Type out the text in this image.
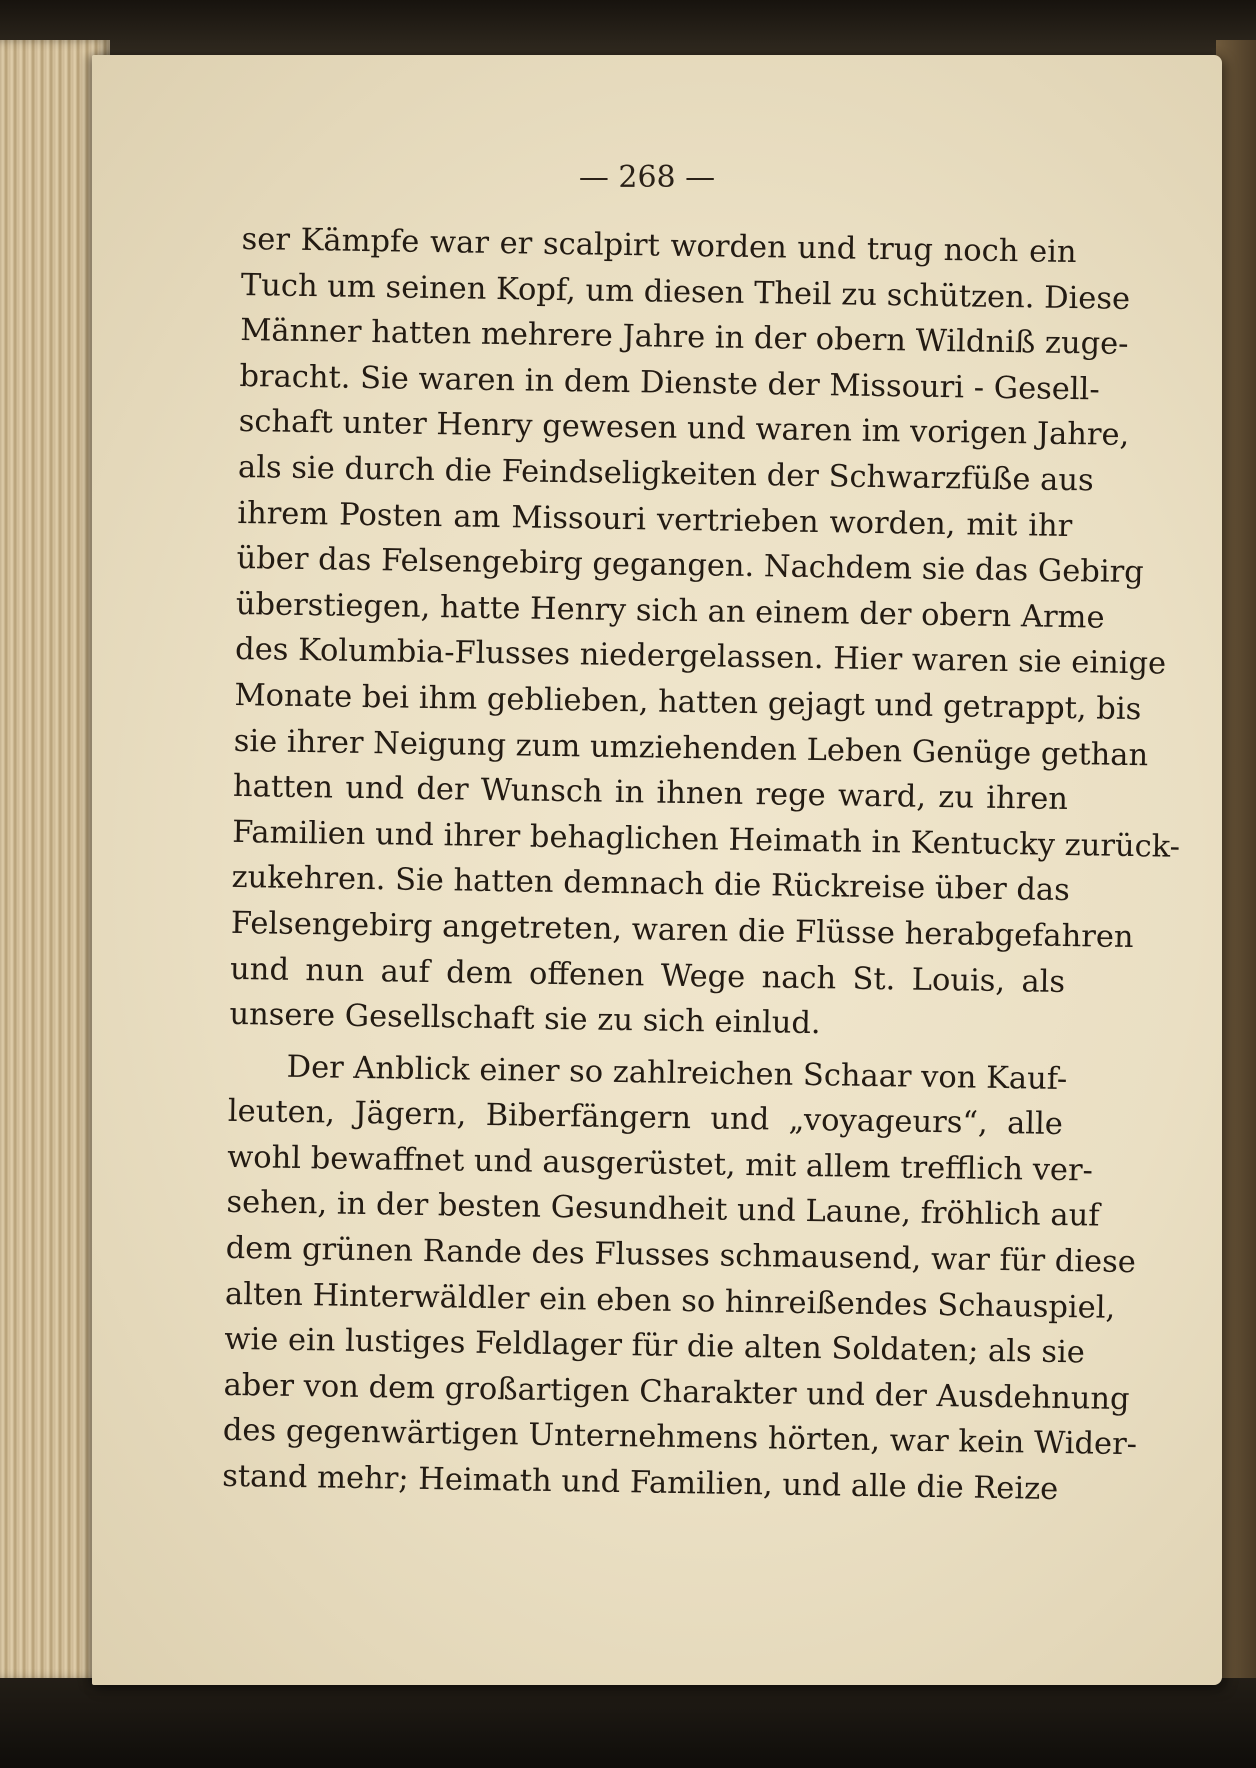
— 268 —
ser Kämpfe war er scalpirt worden und trug noch ein
Tuch um seinen Kopf, um diesen Theil zu schützen. Diese
Männer hatten mehrere Jahre in der obern Wildniß zuge-
bracht. Sie waren in dem Dienste der Missouri - Gesell-
schaft unter Henry gewesen und waren im vorigen Jahre,
als sie durch die Feindseligkeiten der Schwarzfüße aus
ihrem Posten am Missouri vertrieben worden, mit ihr
über das Felsengebirg gegangen. Nachdem sie das Gebirg
überstiegen, hatte Henry sich an einem der obern Arme
des Kolumbia-Flusses niedergelassen. Hier waren sie einige
Monate bei ihm geblieben, hatten gejagt und getrappt, bis
sie ihrer Neigung zum umziehenden Leben Genüge gethan
hatten und der Wunsch in ihnen rege ward, zu ihren
Familien und ihrer behaglichen Heimath in Kentucky zurück-
zukehren. Sie hatten demnach die Rückreise über das
Felsengebirg angetreten, waren die Flüsse herabgefahren
und nun auf dem offenen Wege nach St. Louis, als
unsere Gesellschaft sie zu sich einlud.
Der Anblick einer so zahlreichen Schaar von Kauf-
leuten, Jägern, Biberfängern und „voyageurs“, alle
wohl bewaffnet und ausgerüstet, mit allem trefflich ver-
sehen, in der besten Gesundheit und Laune, fröhlich auf
dem grünen Rande des Flusses schmausend, war für diese
alten Hinterwäldler ein eben so hinreißendes Schauspiel,
wie ein lustiges Feldlager für die alten Soldaten; als sie
aber von dem großartigen Charakter und der Ausdehnung
des gegenwärtigen Unternehmens hörten, war kein Wider-
stand mehr; Heimath und Familien, und alle die Reize
